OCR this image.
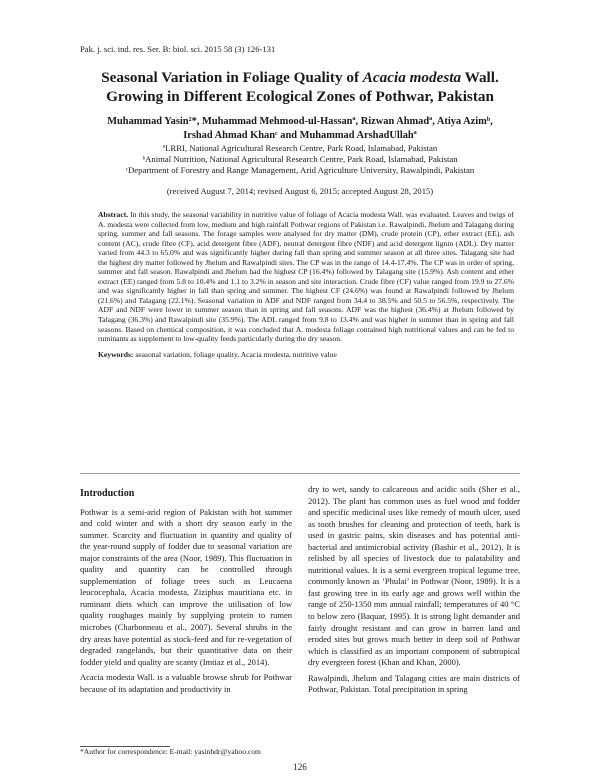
Pak. j. sci. ind. res. Ser. B: biol. sci. 2015 58 (3) 126-131
Seasonal Variation in Foliage Quality of Acacia modesta Wall.
Growing in Different Ecological Zones of Pothwar, Pakistan
Muhammad Yasin²*, Muhammad Mehmood-ul-Hassanª, Rizwan Ahmadª, Atiya Azimᵇ,
Irshad Ahmad Khanᶜ and Muhammad ArshadUllahª
ªLRRI, National Agricultural Research Centre, Park Road, Islamabad, Pakistan
ᵇAnimal Nutrition, National Agricultural Research Centre, Park Road, Islamabad, Pakistan
ᶜDepartment of Forestry and Range Management, Arid Agriculture University, Rawalpindi, Pakistan
(received August 7, 2014; revised August 6, 2015; accepted August 28, 2015)
Abstract. In this study, the seasonal variability in nutritive value of foliage of Acacia modesta Wall. was evaluated. Leaves and twigs of A. modesta were collected from low, medium and high rainfall Pothwar regions of Pakistan i.e. Rawalpindi, Jhelum and Talagang during spring, summer and fall seasons. The forage samples were analysed for dry matter (DM), crude protein (CP), ether extract (EE), ash content (AC), crude fibre (CF), acid detergent fibre (ADF), neutral detergent fibre (NDF) and acid detergent lignin (ADL). Dry matter varied from 44.3 to 65.0% and was significantly higher during fall than spring and summer season at all three sites. Talagang site had the highest dry matter followed by Jhelum and Rawalpindi sites. The CP was in the range of 14.4-17.4%. The CP was in order of spring, summer and fall season. Rawalpindi and Jhelum had the highest CP (16.4%) followed by Talagang site (15.9%). Ash content and ether extract (EE) ranged from 5.8 to 10.4% and 1.1 to 3.2% in season and site interaction. Crude fibre (CF) value ranged from 19.9 to 27.6% and was significantly higher in fall than spring and summer. The highest CF (24.6%) was found at Rawalpindi followed by Jhelum (21.6%) and Talagang (22.1%). Seasonal variation in ADF and NDF ranged from 34.4 to 38.5% and 50.5 to 56.5%, respectively. The ADF and NDF were lower in summer season than in spring and fall seasons. ADF was the highest (36.4%) at Jhelum followed by Talagang (36.3%) and Rawalpindi site (35.9%). The ADL ranged from 9.8 to 13.4% and was higher in summer than in spring and fall seasons. Based on chemical composition, it was concluded that A. modesta foliage contained high nutritional values and can be fed to ruminants as supplement to low-quality feeds particularly during the dry season.
Keywords: seasonal variation, foliage quality, Acacia modesta, nutritive value
Introduction

Pothwar is a semi-arid region of Pakistan with hot summer and cold winter and with a short dry season early in the summer. Scarcity and fluctuation in quantity and quality of the year-round supply of fodder due to seasonal variation are major constraints of the area (Noor, 1989). This fluctuation in quality and quantity can be controlled through supplementation of foliage trees such as Leucaena leucocephala, Acacia modesta, Ziziphus mauritiana etc. in ruminant diets which can improve the utilisation of low quality roughages mainly by supplying protein to rumen microbes (Charbonneau et al., 2007). Several shrubs in the dry areas have potential as stock-feed and for re-vegetation of degraded rangelands, but their quantitative data on their fodder yield and quality are scanty (Imtiaz et al., 2014).

Acacia modesta Wall. is a valuable browse shrub for Pothwar because of its adaptation and productivity in

dry to wet, sandy to calcareous and acidic soils (Sher et al., 2012). The plant has common uses as fuel wood and fodder and specific medicinal uses like remedy of mouth ulcer, used as tooth brushes for cleaning and protection of teeth, bark is used in gastric pains, skin diseases and has potential anti-bacterial and antimicrobial activity (Bashir et al., 2012). It is relished by all species of livestock due to palatability and nutritional values. It is a semi evergreen tropical legume tree, commonly known as ‘Phulai’ in Pothwar (Noor, 1989). It is a fast growing tree in its early age and grows well within the range of 250-1350 mm annual rainfall; temperatures of 40 °C to below zero (Baquar, 1995). It is strong light demander and fairly drought resistant and can grow in barren land and eroded sites but grows much better in deep soil of Pothwar which is classified as an important component of subtropical dry evergreen forest (Khan and Khan, 2000).

Rawalpindi, Jhelum and Talagang cities are main districts of Pothwar, Pakistan. Total precipitation in spring

*Author for correspondence: E-mail: yasinhdr@yahoo.com
126
